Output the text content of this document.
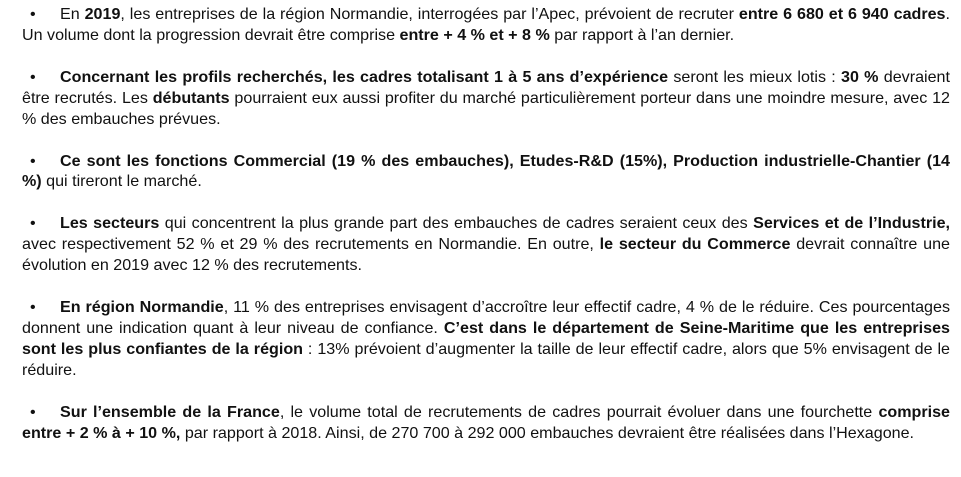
• En 2019, les entreprises de la région Normandie, interrogées par l’Apec, prévoient de recruter entre 6 680 et 6 940 cadres. Un volume dont la progression devrait être comprise entre + 4 % et + 8 % par rapport à l’an dernier.

• Concernant les profils recherchés, les cadres totalisant 1 à 5 ans d’expérience seront les mieux lotis : 30 % devraient être recrutés. Les débutants pourraient eux aussi profiter du marché particulièrement porteur dans une moindre mesure, avec 12 % des embauches prévues.

• Ce sont les fonctions Commercial (19 % des embauches), Etudes-R&D (15%), Production industrielle-Chantier (14 %) qui tireront le marché.

• Les secteurs qui concentrent la plus grande part des embauches de cadres seraient ceux des Services et de l’Industrie, avec respectivement 52 % et 29 % des recrutements en Normandie. En outre, le secteur du Commerce devrait connaître une évolution en 2019 avec 12 % des recrutements.

• En région Normandie, 11 % des entreprises envisagent d’accroître leur effectif cadre, 4 % de le réduire. Ces pourcentages donnent une indication quant à leur niveau de confiance. C’est dans le département de Seine-Maritime que les entreprises sont les plus confiantes de la région : 13% prévoient d’augmenter la taille de leur effectif cadre, alors que 5% envisagent de le réduire.

• Sur l’ensemble de la France, le volume total de recrutements de cadres pourrait évoluer dans une fourchette comprise entre + 2 % à + 10 %, par rapport à 2018. Ainsi, de 270 700 à 292 000 embauches devraient être réalisées dans l’Hexagone.
